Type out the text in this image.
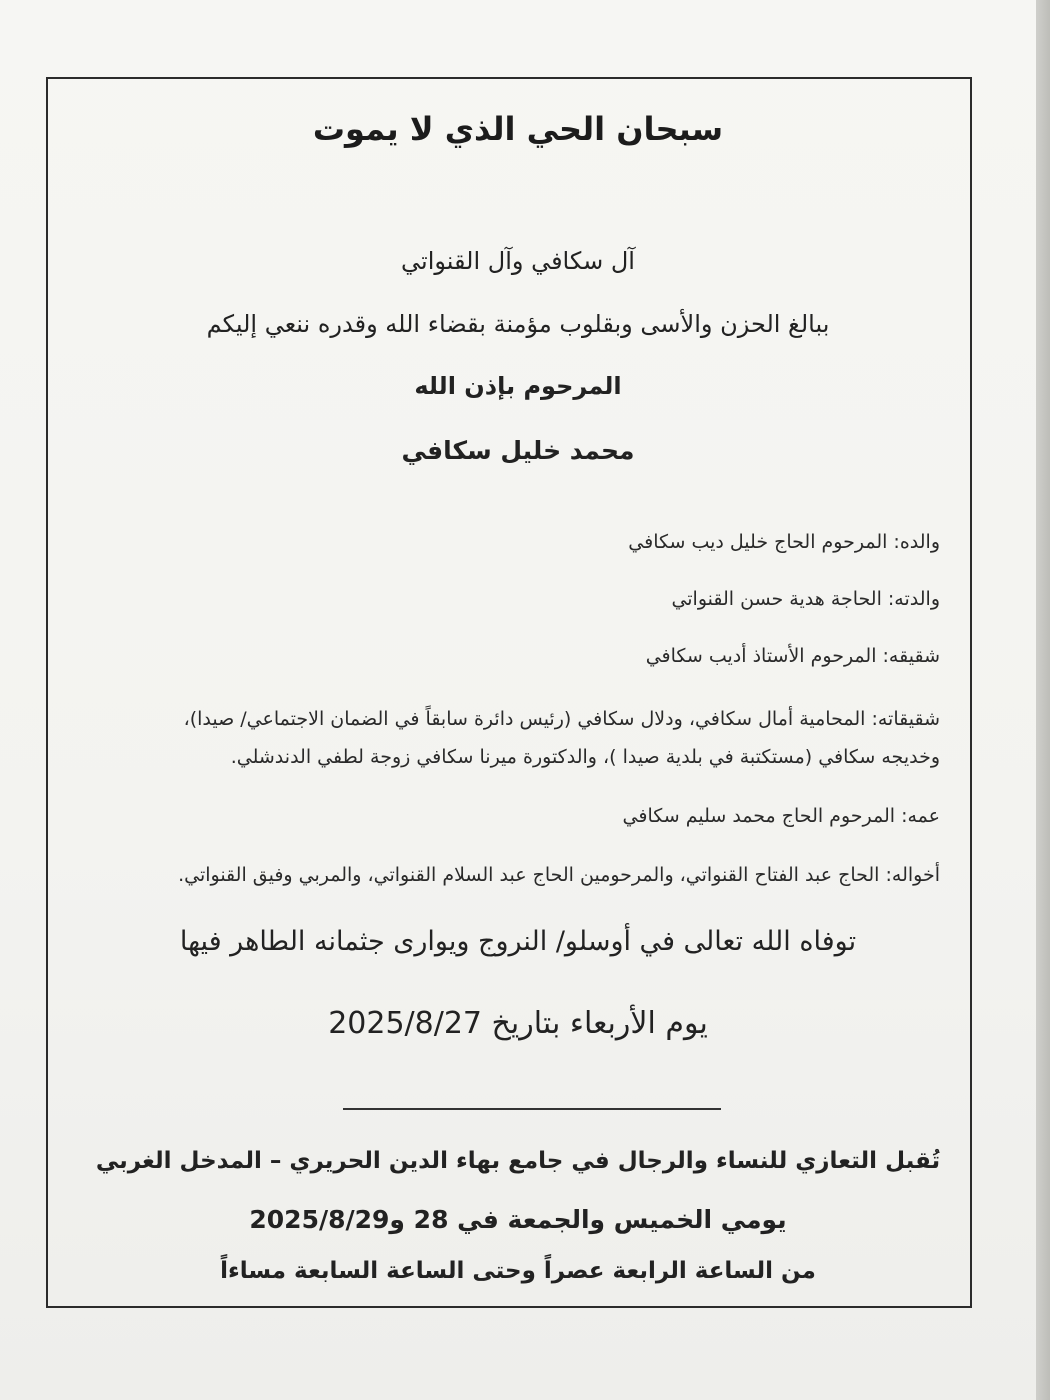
سبحان الحي الذي لا يموت
آل سكافي وآل القنواتي
ببالغ الحزن والأسى وبقلوب مؤمنة بقضاء الله وقدره ننعي إليكم
المرحوم بإذن الله
محمد خليل سكافي
والده: المرحوم الحاج خليل ديب سكافي
والدته: الحاجة هدية حسن القنواتي
شقيقه: المرحوم الأستاذ أديب سكافي
شقيقاته: المحامية أمال سكافي، ودلال سكافي (رئيس دائرة سابقاً في الضمان الاجتماعي/ صيدا)،
وخديجه سكافي (مستكتبة في بلدية صيدا )، والدكتورة ميرنا سكافي زوجة لطفي الدندشلي.
عمه: المرحوم الحاج محمد سليم سكافي
أخواله: الحاج عبد الفتاح القنواتي، والمرحومين الحاج عبد السلام القنواتي، والمربي وفيق القنواتي.
توفاه الله تعالى في أوسلو/ النروج ويوارى جثمانه الطاهر فيها
يوم الأربعاء بتاريخ 2025/8/27
تُقبل التعازي للنساء والرجال في جامع بهاء الدين الحريري – المدخل الغربي
يومي الخميس والجمعة في 28 و2025/8/29
من الساعة الرابعة عصراً وحتى الساعة السابعة مساءاً
